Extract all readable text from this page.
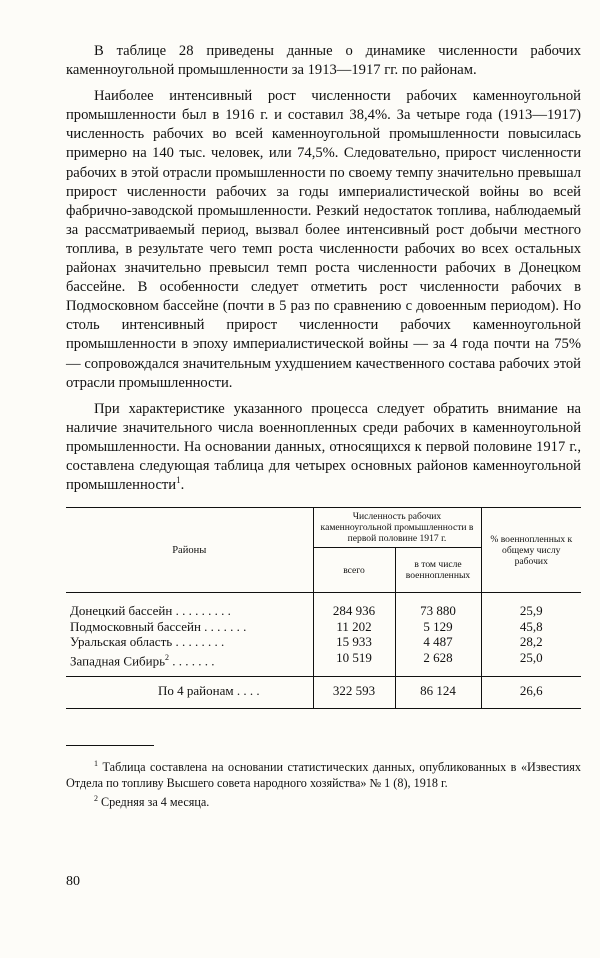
В таблице 28 приведены данные о динамике численности рабочих каменноугольной промышленности за 1913—1917 гг. по районам.

Наиболее интенсивный рост численности рабочих каменноугольной промышленности был в 1916 г. и составил 38,4%. За четыре года (1913—1917) численность рабочих во всей каменноугольной промышленности повысилась примерно на 140 тыс. человек, или 74,5%. Следовательно, прирост численности рабочих в этой отрасли промышленности по своему темпу значительно превышал прирост численности рабочих за годы империалистической войны во всей фабрично-заводской промышленности. Резкий недостаток топлива, наблюдаемый за рассматриваемый период, вызвал более интенсивный рост добычи местного топлива, в результате чего темп роста численности рабочих во всех остальных районах значительно превысил темп роста численности рабочих в Донецком бассейне. В особенности следует отметить рост численности рабочих в Подмосковном бассейне (почти в 5 раз по сравнению с довоенным периодом). Но столь интенсивный прирост численности рабочих каменноугольной промышленности в эпоху империалистической войны — за 4 года почти на 75% — сопровождался значительным ухудшением качественного состава рабочих этой отрасли промышленности.

При характеристике указанного процесса следует обратить внимание на наличие значительного числа военнопленных среди рабочих в каменноугольной промышленности. На основании данных, относящихся к первой половине 1917 г., составлена следующая таблица для четырех основных районов каменноугольной промышленности$^1$.

Районы	Численность рабочих каменноугольной промышленности в первой половине 1917 г.		% военнопленных к общему числу рабочих
	всего	в том числе военнопленных	

Донецкий бассейн . . . . . . . . .	284 936	73 880	25,9
Подмосковный бассейн . . . . . . .	11 202	5 129	45,8
Уральская область . . . . . . . .	15 933	4 487	28,2
Западная Сибирь$^2$ . . . . . . .	10 519	2 628	25,0
По 4 районам . . . .	322 593	86 124	26,6

$^1$ Таблица составлена на основании статистических данных, опубликованных в «Известиях Отдела по топливу Высшего совета народного хозяйства» № 1 (8), 1918 г.

$^2$ Средняя за 4 месяца.

80
